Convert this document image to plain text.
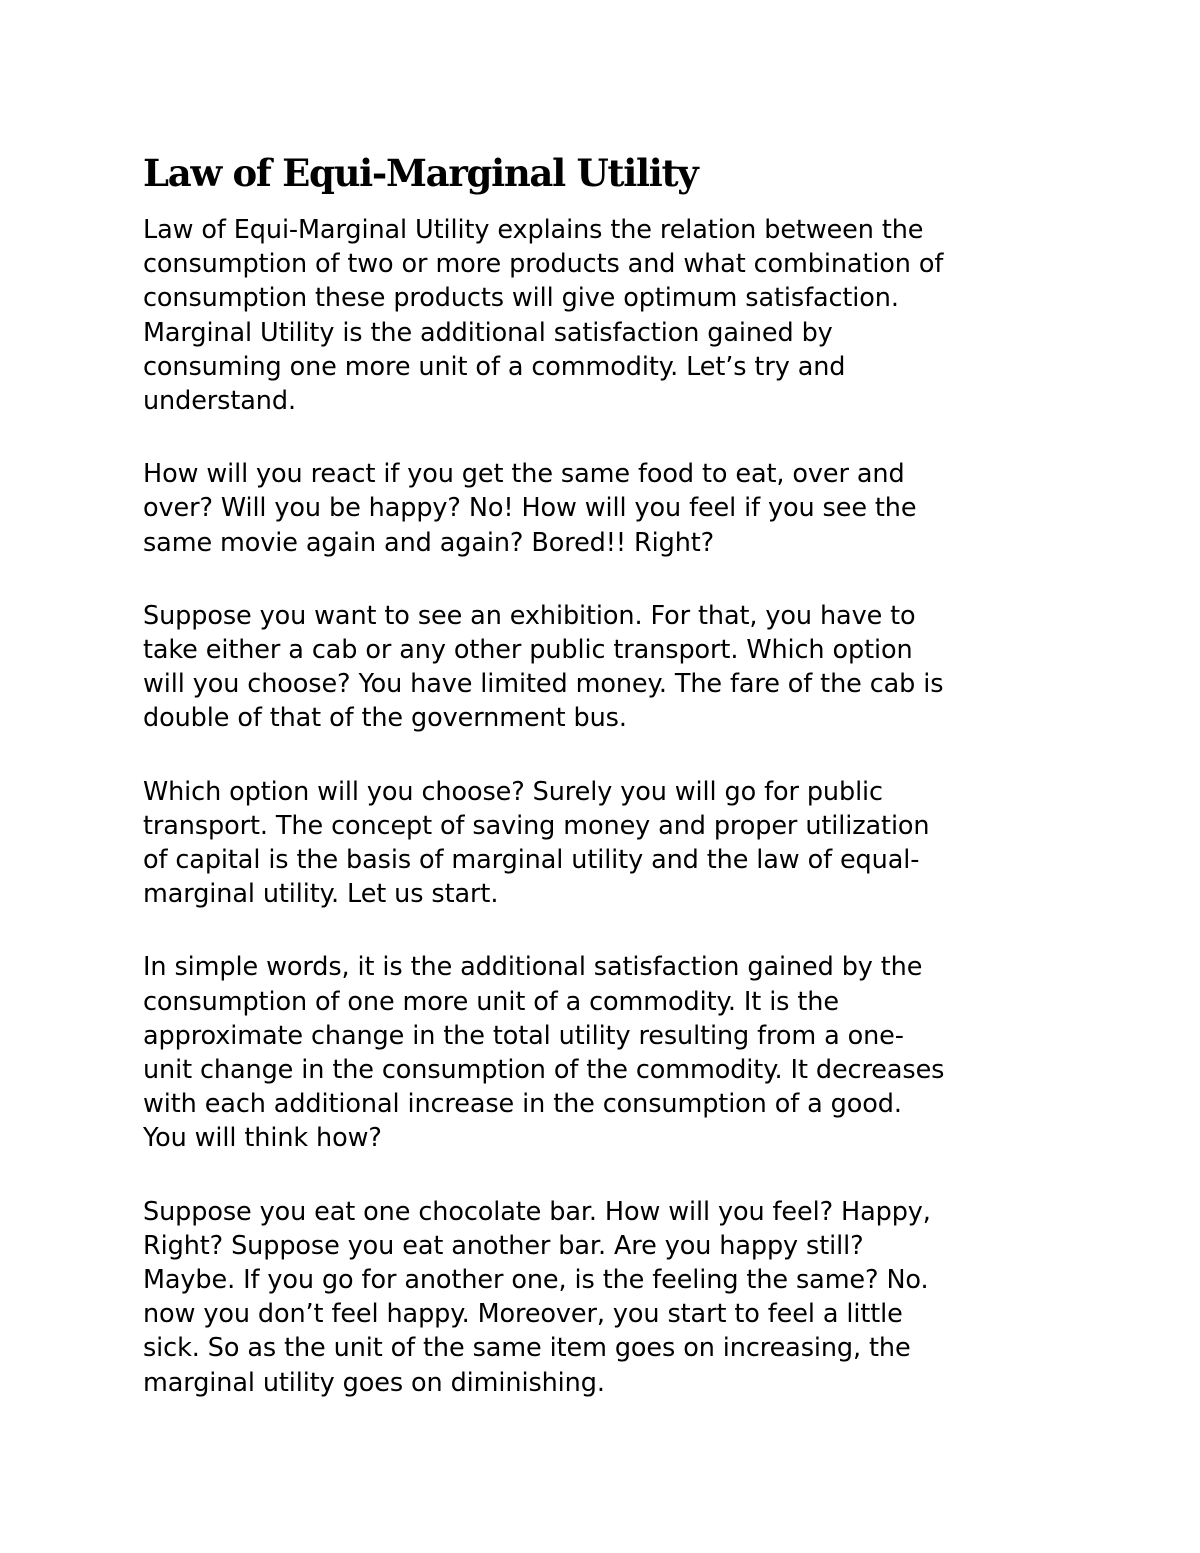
Law of Equi-Marginal Utility

Law of Equi-Marginal Utility explains the relation between the
consumption of two or more products and what combination of
consumption these products will give optimum satisfaction.
Marginal Utility is the additional satisfaction gained by
consuming one more unit of a commodity. Let’s try and
understand.

How will you react if you get the same food to eat, over and
over? Will you be happy? No! How will you feel if you see the
same movie again and again? Bored!! Right?

Suppose you want to see an exhibition. For that, you have to
take either a cab or any other public transport. Which option
will you choose? You have limited money. The fare of the cab is
double of that of the government bus.

Which option will you choose? Surely you will go for public
transport. The concept of saving money and proper utilization
of capital is the basis of marginal utility and the law of equal-
marginal utility. Let us start.

In simple words, it is the additional satisfaction gained by the
consumption of one more unit of a commodity. It is the
approximate change in the total utility resulting from a one-
unit change in the consumption of the commodity. It decreases
with each additional increase in the consumption of a good.
You will think how?

Suppose you eat one chocolate bar. How will you feel? Happy,
Right? Suppose you eat another bar. Are you happy still?
Maybe. If you go for another one, is the feeling the same? No.
now you don’t feel happy. Moreover, you start to feel a little
sick. So as the unit of the same item goes on increasing, the
marginal utility goes on diminishing.
